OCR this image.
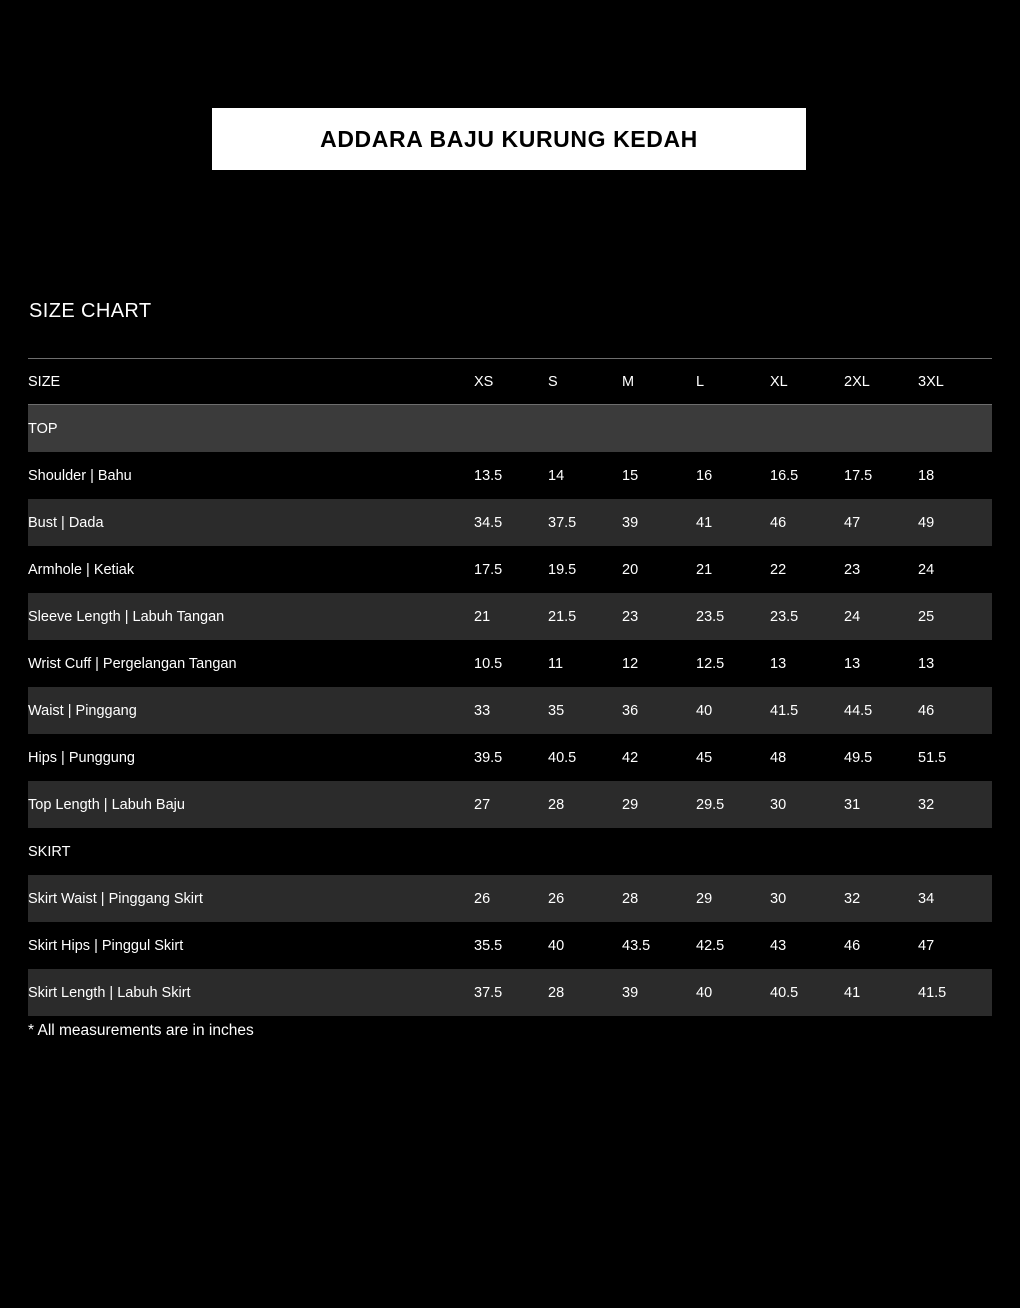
ADDARA BAJU KURUNG KEDAH
SIZE CHART
SIZE	XS	S	M	L	XL	2XL	3XL
TOP							
Shoulder | Bahu	13.5	14	15	16	16.5	17.5	18
Bust | Dada	34.5	37.5	39	41	46	47	49
Armhole | Ketiak	17.5	19.5	20	21	22	23	24
Sleeve Length | Labuh Tangan	21	21.5	23	23.5	23.5	24	25
Wrist Cuff | Pergelangan Tangan	10.5	11	12	12.5	13	13	13
Waist | Pinggang	33	35	36	40	41.5	44.5	46
Hips | Punggung	39.5	40.5	42	45	48	49.5	51.5
Top Length | Labuh Baju	27	28	29	29.5	30	31	32
SKIRT							
Skirt Waist | Pinggang Skirt	26	26	28	29	30	32	34
Skirt Hips | Pinggul Skirt	35.5	40	43.5	42.5	43	46	47
Skirt Length | Labuh Skirt	37.5	28	39	40	40.5	41	41.5
* All measurements are in inches
